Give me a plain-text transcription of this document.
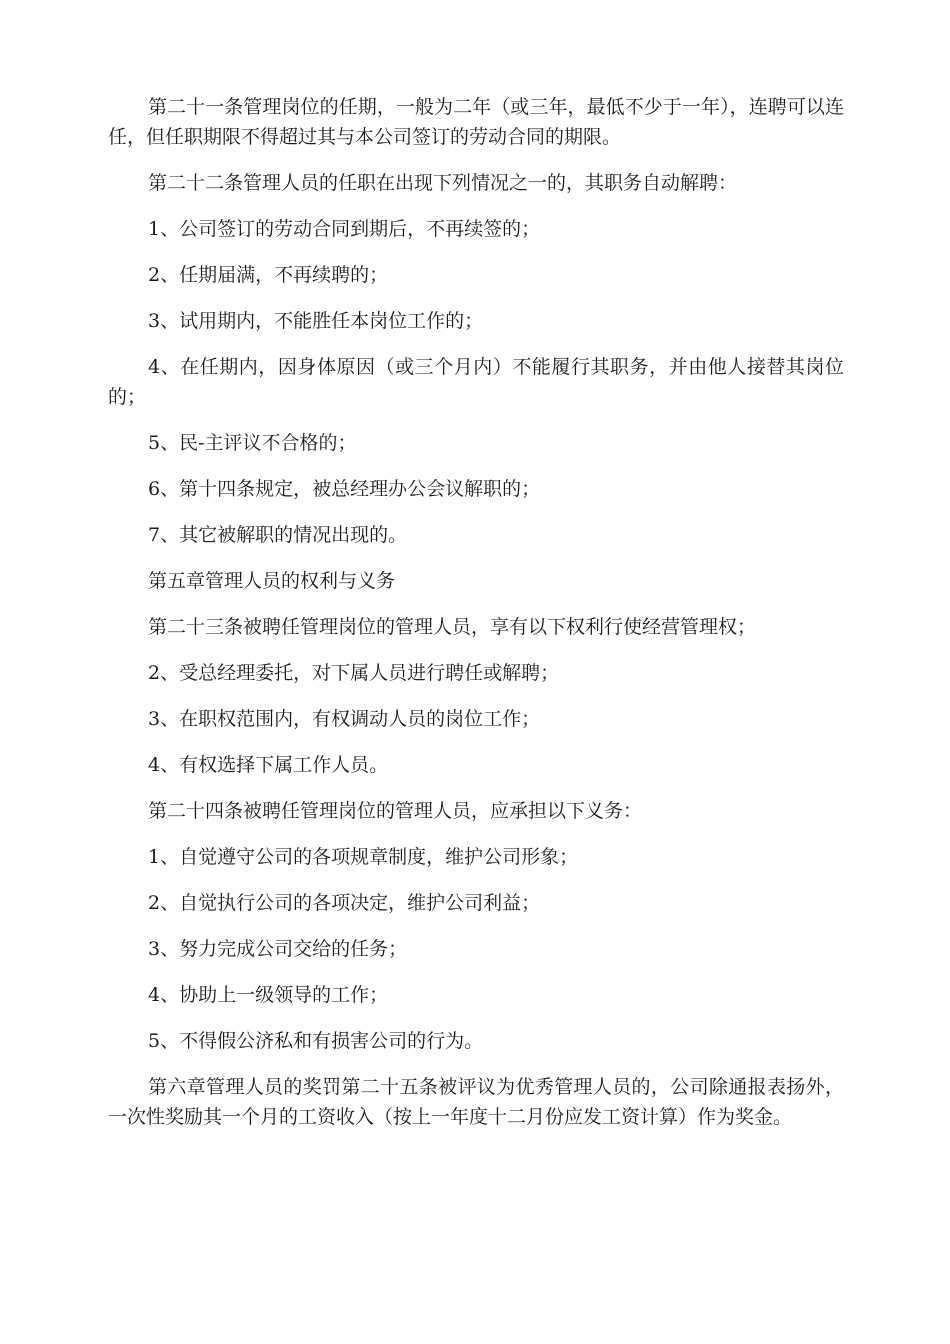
第二十一条管理岗位的任期，一般为二年（或三年，最低不少于一年），连聘可以连任，但任职期限不得超过其与本公司签订的劳动合同的期限。

第二十二条管理人员的任职在出现下列情况之一的，其职务自动解聘：

1、公司签订的劳动合同到期后，不再续签的；

2、任期届满，不再续聘的；

3、试用期内，不能胜任本岗位工作的；

4、在任期内，因身体原因（或三个月内）不能履行其职务，并由他人接替其岗位的；

5、民-主评议不合格的；

6、第十四条规定，被总经理办公会议解职的；

7、其它被解职的情况出现的。

第五章管理人员的权利与义务

第二十三条被聘任管理岗位的管理人员，享有以下权利行使经营管理权；

2、受总经理委托，对下属人员进行聘任或解聘；

3、在职权范围内，有权调动人员的岗位工作；

4、有权选择下属工作人员。

第二十四条被聘任管理岗位的管理人员，应承担以下义务：

1、自觉遵守公司的各项规章制度，维护公司形象；

2、自觉执行公司的各项决定，维护公司利益；

3、努力完成公司交给的任务；

4、协助上一级领导的工作；

5、不得假公济私和有损害公司的行为。

第六章管理人员的奖罚第二十五条被评议为优秀管理人员的，公司除通报表扬外，一次性奖励其一个月的工资收入（按上一年度十二月份应发工资计算）作为奖金。
